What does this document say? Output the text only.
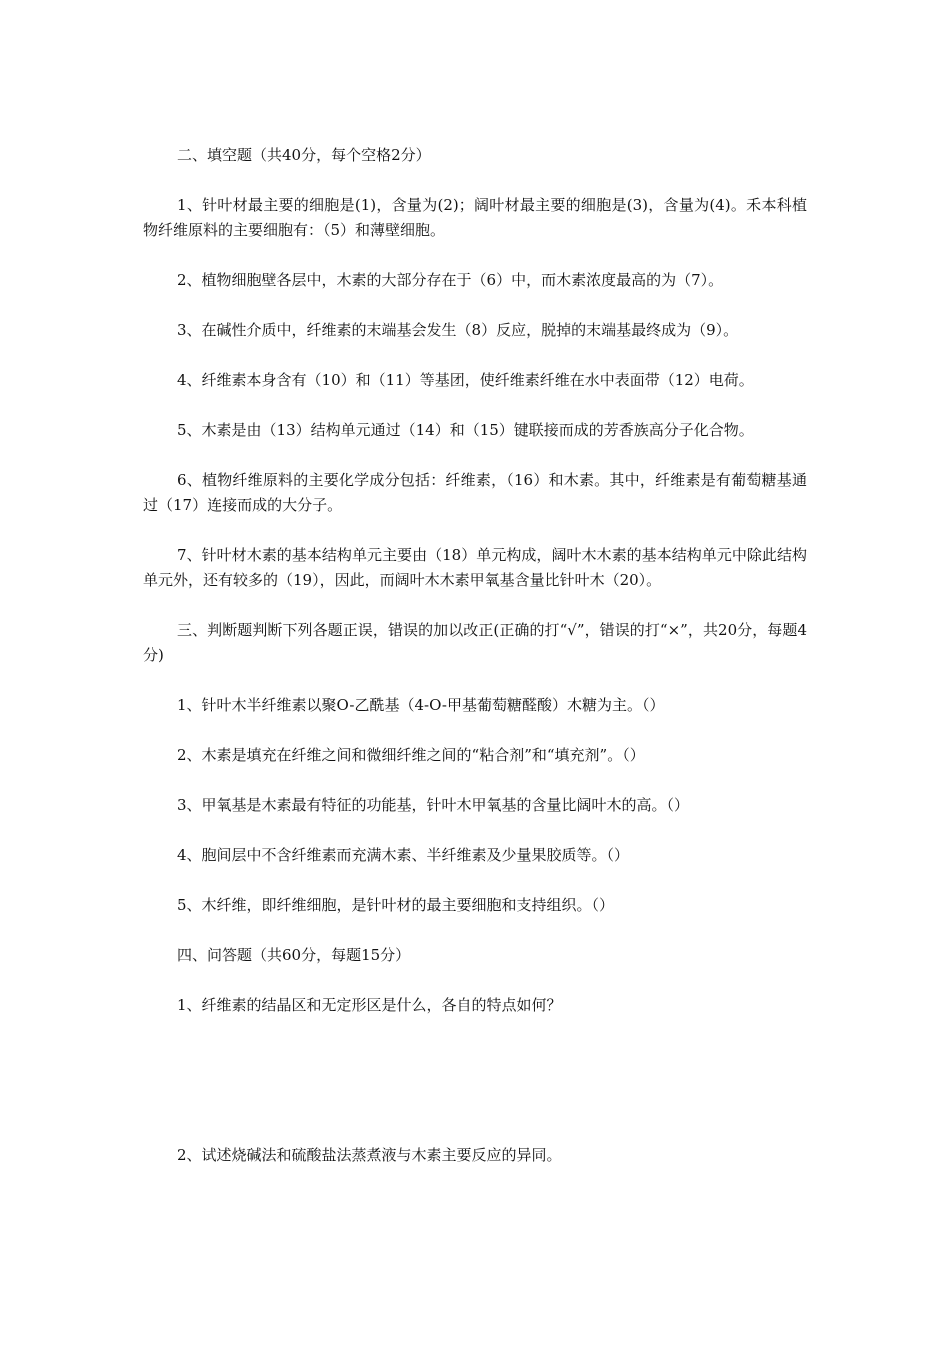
二、填空题（共40分，每个空格2分）

1、针叶材最主要的细胞是(1)，含量为(2)；阔叶材最主要的细胞是(3)，含量为(4)。禾本科植物纤维原料的主要细胞有：（5）和薄壁细胞。

2、植物细胞壁各层中，木素的大部分存在于（6）中，而木素浓度最高的为（7）。

3、在碱性介质中，纤维素的末端基会发生（8）反应，脱掉的末端基最终成为（9）。

4、纤维素本身含有（10）和（11）等基团，使纤维素纤维在水中表面带（12）电荷。

5、木素是由（13）结构单元通过（14）和（15）键联接而成的芳香族高分子化合物。

6、植物纤维原料的主要化学成分包括：纤维素，（16）和木素。其中，纤维素是有葡萄糖基通过（17）连接而成的大分子。

7、针叶材木素的基本结构单元主要由（18）单元构成，阔叶木木素的基本结构单元中除此结构单元外，还有较多的（19），因此，而阔叶木木素甲氧基含量比针叶木（20）。

三、判断题判断下列各题正误，错误的加以改正(正确的打“√”，错误的打“×”，共20分，每题4分)

1、针叶木半纤维素以聚O-乙酰基（4-O-甲基葡萄糖醛酸）木糖为主。（）

2、木素是填充在纤维之间和微细纤维之间的“粘合剂”和“填充剂”。（）

3、甲氧基是木素最有特征的功能基，针叶木甲氧基的含量比阔叶木的高。（）

4、胞间层中不含纤维素而充满木素、半纤维素及少量果胶质等。（）

5、木纤维，即纤维细胞，是针叶材的最主要细胞和支持组织。（）

四、问答题（共60分，每题15分）

1、纤维素的结晶区和无定形区是什么，各自的特点如何？

2、试述烧碱法和硫酸盐法蒸煮液与木素主要反应的异同。
